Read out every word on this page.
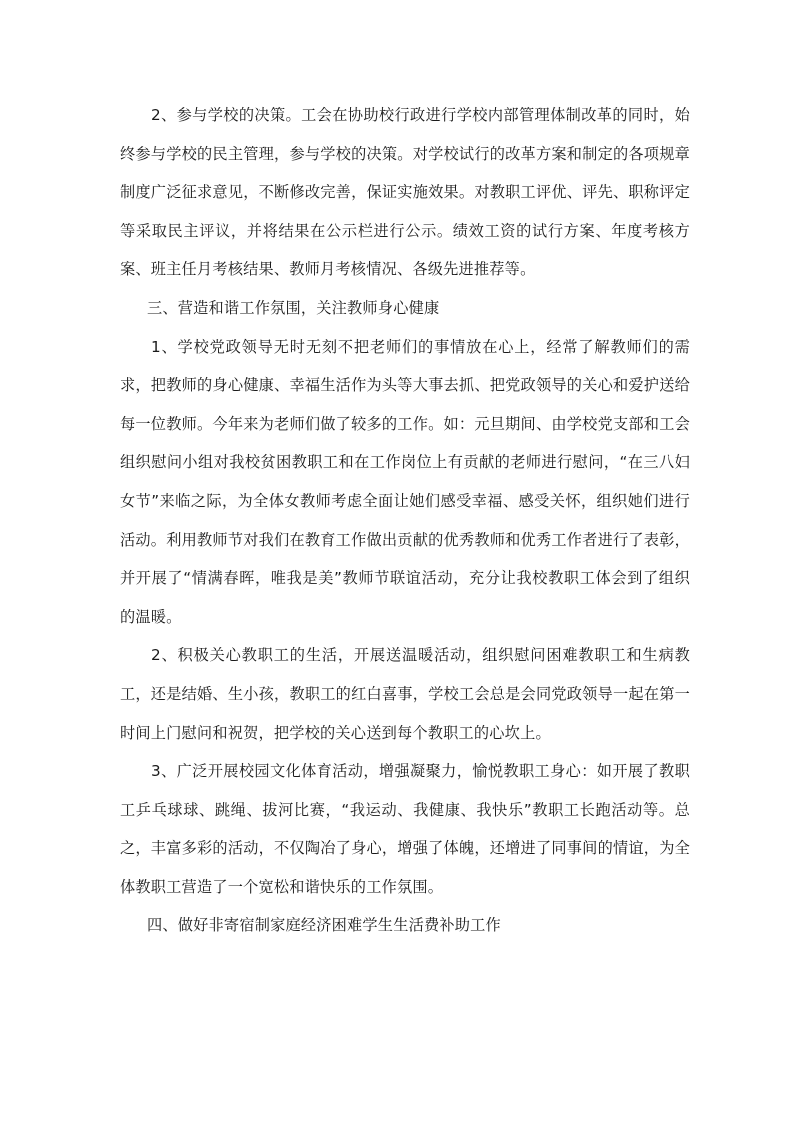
2、参与学校的决策。工会在协助校行政进行学校内部管理体制改革的同时，始终参与学校的民主管理，参与学校的决策。对学校试行的改革方案和制定的各项规章制度广泛征求意见，不断修改完善，保证实施效果。对教职工评优、评先、职称评定等采取民主评议，并将结果在公示栏进行公示。绩效工资的试行方案、年度考核方案、班主任月考核结果、教师月考核情况、各级先进推荐等。

三、营造和谐工作氛围，关注教师身心健康

1、学校党政领导无时无刻不把老师们的事情放在心上，经常了解教师们的需求，把教师的身心健康、幸福生活作为头等大事去抓、把党政领导的关心和爱护送给每一位教师。今年来为老师们做了较多的工作。如：元旦期间、由学校党支部和工会组织慰问小组对我校贫困教职工和在工作岗位上有贡献的老师进行慰问，“在三八妇女节”来临之际，为全体女教师考虑全面让她们感受幸福、感受关怀，组织她们进行活动。利用教师节对我们在教育工作做出贡献的优秀教师和优秀工作者进行了表彰，并开展了“情满春晖，唯我是美”教师节联谊活动，充分让我校教职工体会到了组织的温暖。

2、积极关心教职工的生活，开展送温暖活动，组织慰问困难教职工和生病教工，还是结婚、生小孩，教职工的红白喜事，学校工会总是会同党政领导一起在第一时间上门慰问和祝贺，把学校的关心送到每个教职工的心坎上。

3、广泛开展校园文化体育活动，增强凝聚力，愉悦教职工身心：如开展了教职工乒乓球球、跳绳、拔河比赛，“我运动、我健康、我快乐”教职工长跑活动等。总之，丰富多彩的活动，不仅陶冶了身心，增强了体魄，还增进了同事间的情谊，为全体教职工营造了一个宽松和谐快乐的工作氛围。

四、做好非寄宿制家庭经济困难学生生活费补助工作
